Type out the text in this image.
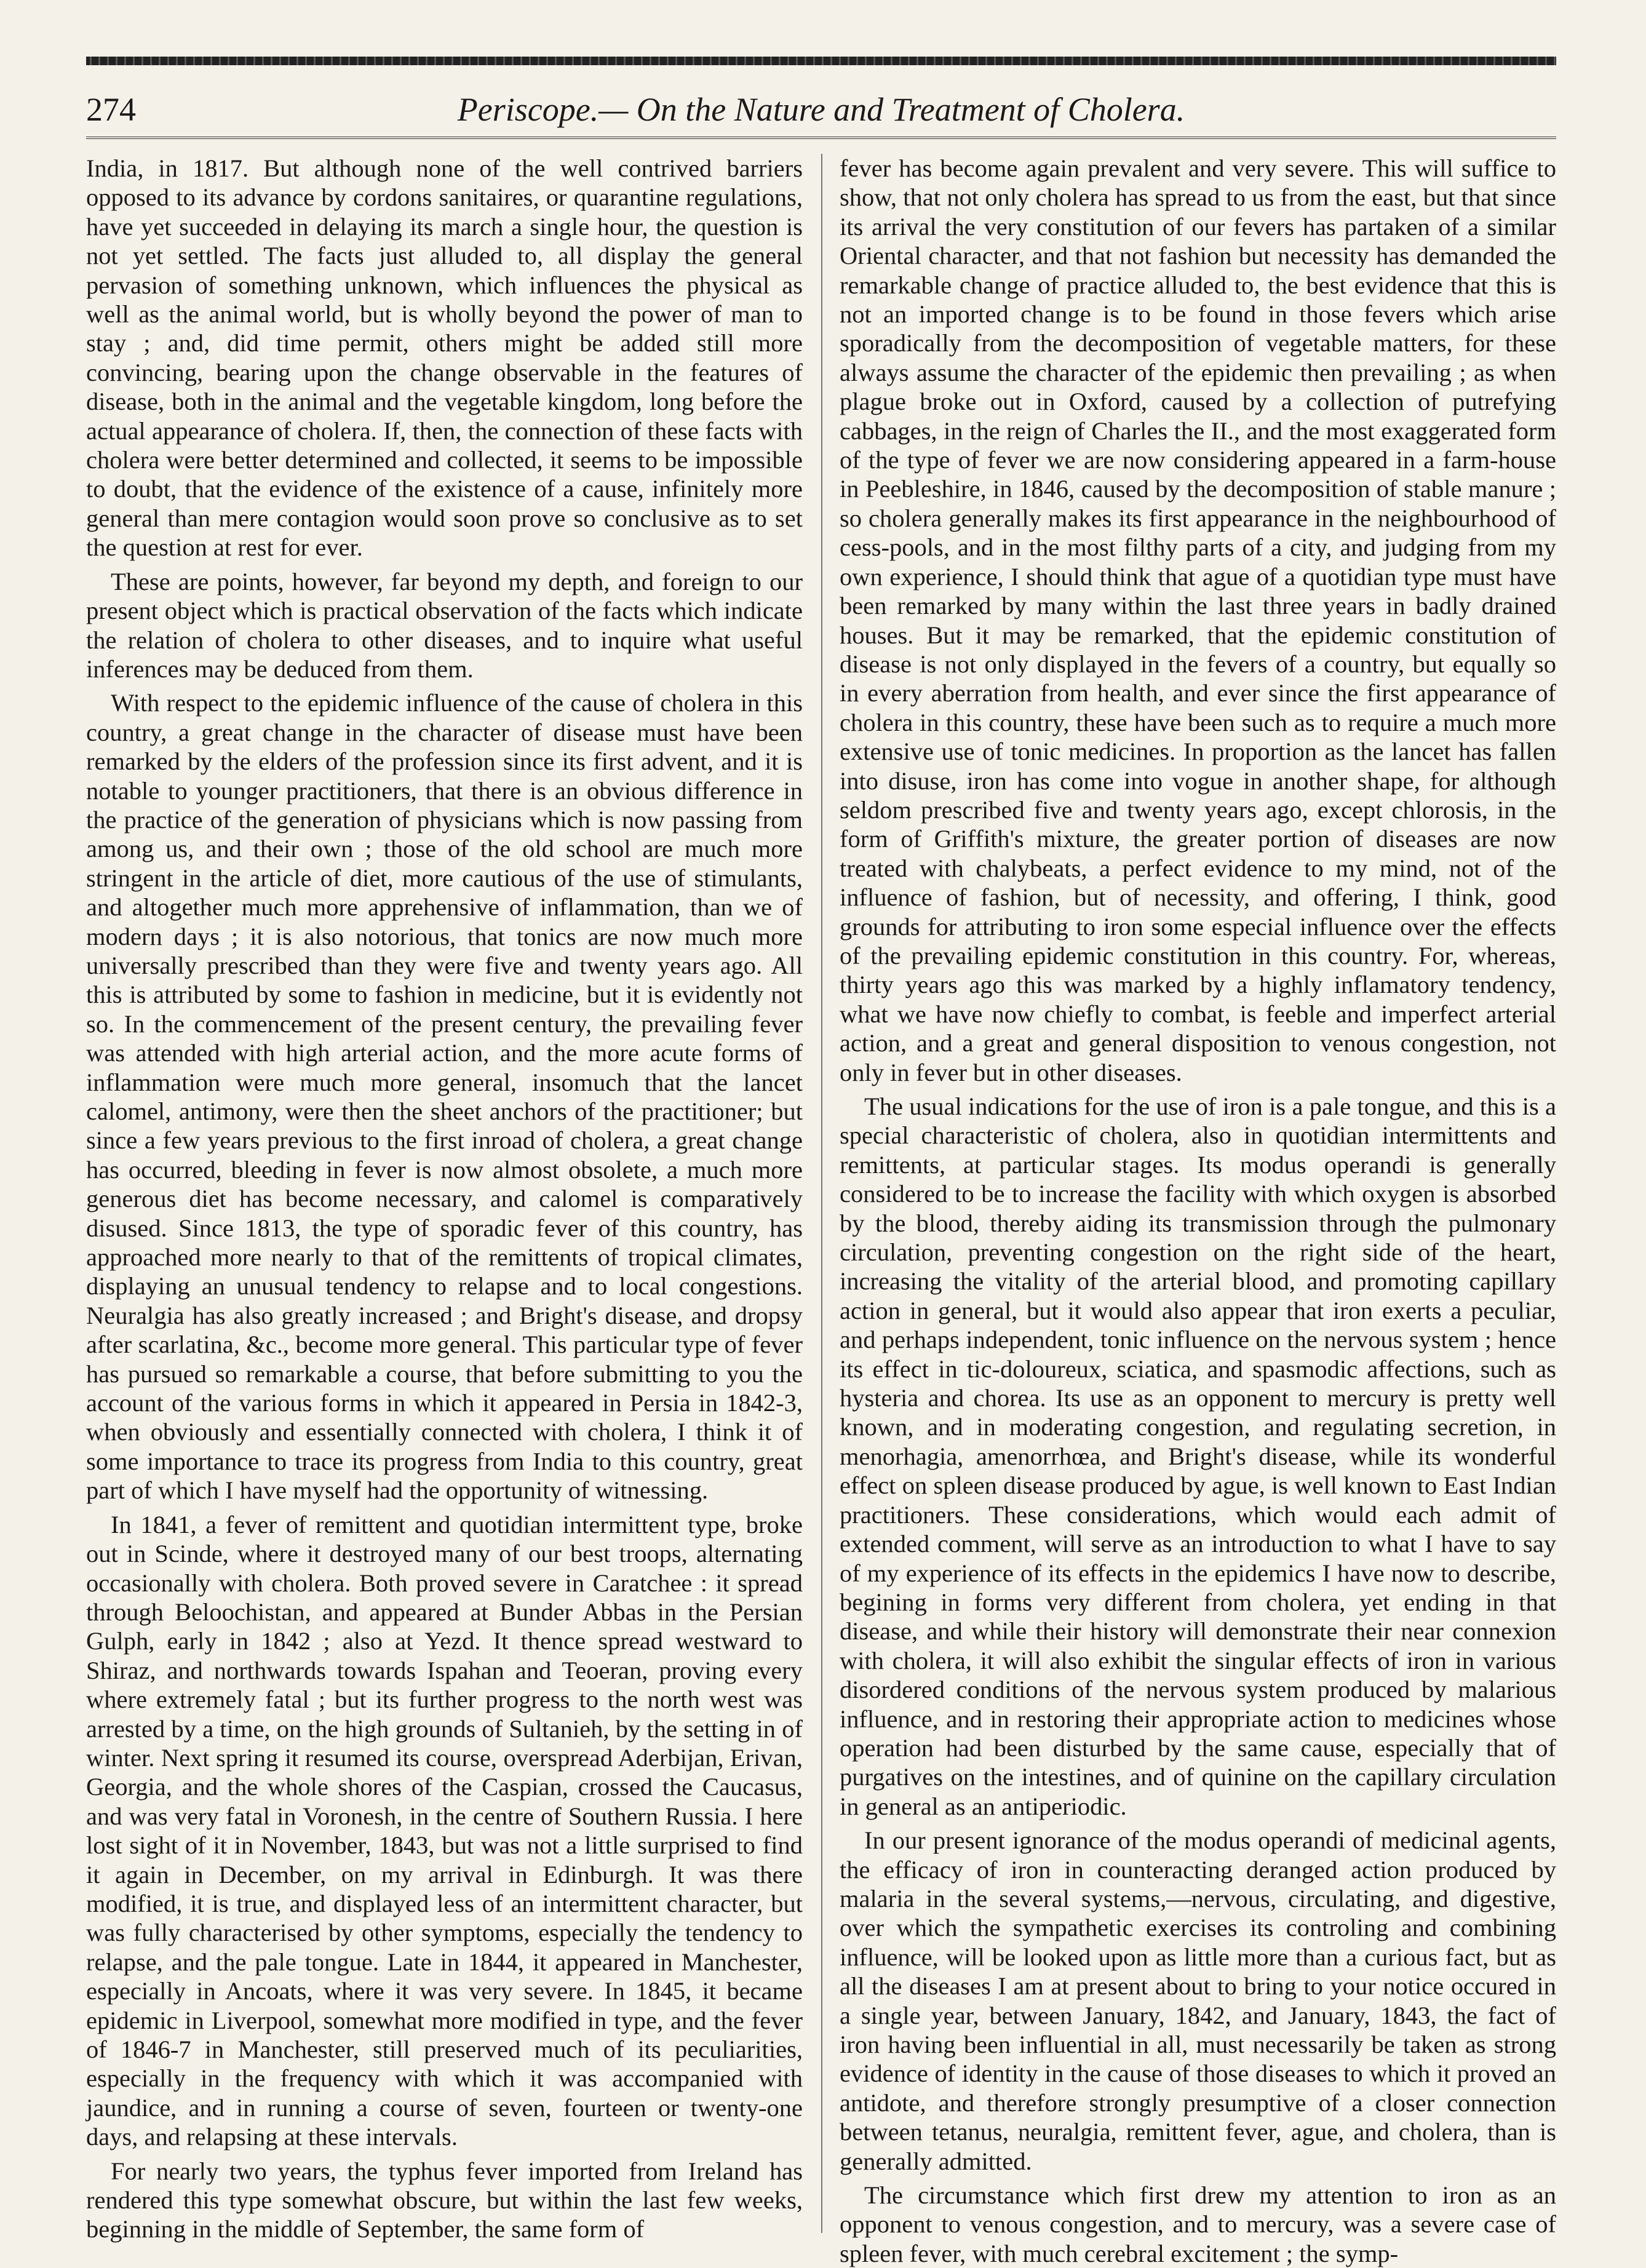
274	Periscope.— On the Nature and Treatment of Cholera.

India, in 1817. But although none of the well contrived barriers opposed to its advance by cordons sanitaires, or quarantine regulations, have yet succeeded in delaying its march a single hour, the question is not yet settled. The facts just alluded to, all display the general pervasion of something unknown, which influences the physical as well as the animal world, but is wholly beyond the power of man to stay ; and, did time permit, others might be added still more convincing, bearing upon the change observable in the features of disease, both in the animal and the vegetable kingdom, long before the actual appearance of cholera. If, then, the connection of these facts with cholera were better determined and collected, it seems to be impossible to doubt, that the evidence of the existence of a cause, infinitely more general than mere contagion would soon prove so conclusive as to set the question at rest for ever.

These are points, however, far beyond my depth, and foreign to our present object which is practical observation of the facts which indicate the relation of cholera to other diseases, and to inquire what useful inferences may be deduced from them.

With respect to the epidemic influence of the cause of cholera in this country, a great change in the character of disease must have been remarked by the elders of the profession since its first advent, and it is notable to younger practitioners, that there is an obvious difference in the practice of the generation of physicians which is now passing from among us, and their own ; those of the old school are much more stringent in the article of diet, more cautious of the use of stimulants, and altogether much more apprehensive of inflammation, than we of modern days ; it is also notorious, that tonics are now much more universally prescribed than they were five and twenty years ago. All this is attributed by some to fashion in medicine, but it is evidently not so. In the commencement of the present century, the prevailing fever was attended with high arterial action, and the more acute forms of inflammation were much more general, insomuch that the lancet calomel, antimony, were then the sheet anchors of the practitioner; but since a few years previous to the first inroad of cholera, a great change has occurred, bleeding in fever is now almost obsolete, a much more generous diet has become necessary, and calomel is comparatively disused. Since 1813, the type of sporadic fever of this country, has approached more nearly to that of the remittents of tropical climates, displaying an unusual tendency to relapse and to local congestions. Neuralgia has also greatly increased ; and Bright's disease, and dropsy after scarlatina, &c., become more general. This particular type of fever has pursued so remarkable a course, that before submitting to you the account of the various forms in which it appeared in Persia in 1842-3, when obviously and essentially connected with cholera, I think it of some importance to trace its progress from India to this country, great part of which I have myself had the opportunity of witnessing.

In 1841, a fever of remittent and quotidian intermittent type, broke out in Scinde, where it destroyed many of our best troops, alternating occasionally with cholera. Both proved severe in Caratchee : it spread through Beloochistan, and appeared at Bunder Abbas in the Persian Gulph, early in 1842 ; also at Yezd. It thence spread westward to Shiraz, and northwards towards Ispahan and Teoeran, proving every where extremely fatal ; but its further progress to the north west was arrested by a time, on the high grounds of Sultanieh, by the setting in of winter. Next spring it resumed its course, overspread Aderbijan, Erivan, Georgia, and the whole shores of the Caspian, crossed the Caucasus, and was very fatal in Voronesh, in the centre of Southern Russia. I here lost sight of it in November, 1843, but was not a little surprised to find it again in December, on my arrival in Edinburgh. It was there modified, it is true, and displayed less of an intermittent character, but was fully characterised by other symptoms, especially the tendency to relapse, and the pale tongue. Late in 1844, it appeared in Manchester, especially in Ancoats, where it was very severe. In 1845, it became epidemic in Liverpool, somewhat more modified in type, and the fever of 1846-7 in Manchester, still preserved much of its peculiarities, especially in the frequency with which it was accompanied with jaundice, and in running a course of seven, fourteen or twenty-one days, and relapsing at these intervals.

For nearly two years, the typhus fever imported from Ireland has rendered this type somewhat obscure, but within the last few weeks, beginning in the middle of September, the same form of

fever has become again prevalent and very severe. This will suffice to show, that not only cholera has spread to us from the east, but that since its arrival the very constitution of our fevers has partaken of a similar Oriental character, and that not fashion but necessity has demanded the remarkable change of practice alluded to, the best evidence that this is not an imported change is to be found in those fevers which arise sporadically from the decomposition of vegetable matters, for these always assume the character of the epidemic then prevailing ; as when plague broke out in Oxford, caused by a collection of putrefying cabbages, in the reign of Charles the II., and the most exaggerated form of the type of fever we are now considering appeared in a farm-house in Peebleshire, in 1846, caused by the decomposition of stable manure ; so cholera generally makes its first appearance in the neighbourhood of cess-pools, and in the most filthy parts of a city, and judging from my own experience, I should think that ague of a quotidian type must have been remarked by many within the last three years in badly drained houses. But it may be remarked, that the epidemic constitution of disease is not only displayed in the fevers of a country, but equally so in every aberration from health, and ever since the first appearance of cholera in this country, these have been such as to require a much more extensive use of tonic medicines. In proportion as the lancet has fallen into disuse, iron has come into vogue in another shape, for although seldom prescribed five and twenty years ago, except chlorosis, in the form of Griffith's mixture, the greater portion of diseases are now treated with chalybeats, a perfect evidence to my mind, not of the influence of fashion, but of necessity, and offering, I think, good grounds for attributing to iron some especial influence over the effects of the prevailing epidemic constitution in this country. For, whereas, thirty years ago this was marked by a highly inflamatory tendency, what we have now chiefly to combat, is feeble and imperfect arterial action, and a great and general disposition to venous congestion, not only in fever but in other diseases.

The usual indications for the use of iron is a pale tongue, and this is a special characteristic of cholera, also in quotidian intermittents and remittents, at particular stages. Its modus operandi is generally considered to be to increase the facility with which oxygen is absorbed by the blood, thereby aiding its transmission through the pulmonary circulation, preventing congestion on the right side of the heart, increasing the vitality of the arterial blood, and promoting capillary action in general, but it would also appear that iron exerts a peculiar, and perhaps independent, tonic influence on the nervous system ; hence its effect in tic-doloureux, sciatica, and spasmodic affections, such as hysteria and chorea. Its use as an opponent to mercury is pretty well known, and in moderating congestion, and regulating secretion, in menorhagia, amenorrhœa, and Bright's disease, while its wonderful effect on spleen disease produced by ague, is well known to East Indian practitioners. These considerations, which would each admit of extended comment, will serve as an introduction to what I have to say of my experience of its effects in the epidemics I have now to describe, begining in forms very different from cholera, yet ending in that disease, and while their history will demonstrate their near connexion with cholera, it will also exhibit the singular effects of iron in various disordered conditions of the nervous system produced by malarious influence, and in restoring their appropriate action to medicines whose operation had been disturbed by the same cause, especially that of purgatives on the intestines, and of quinine on the capillary circulation in general as an antiperiodic.

In our present ignorance of the modus operandi of medicinal agents, the efficacy of iron in counteracting deranged action produced by malaria in the several systems,—nervous, circulating, and digestive, over which the sympathetic exercises its controling and combining influence, will be looked upon as little more than a curious fact, but as all the diseases I am at present about to bring to your notice occured in a single year, between January, 1842, and January, 1843, the fact of iron having been influential in all, must necessarily be taken as strong evidence of identity in the cause of those diseases to which it proved an antidote, and therefore strongly presumptive of a closer connection between tetanus, neuralgia, remittent fever, ague, and cholera, than is generally admitted.

The circumstance which first drew my attention to iron as an opponent to venous congestion, and to mercury, was a severe case of spleen fever, with much cerebral excitement ; the symp-
